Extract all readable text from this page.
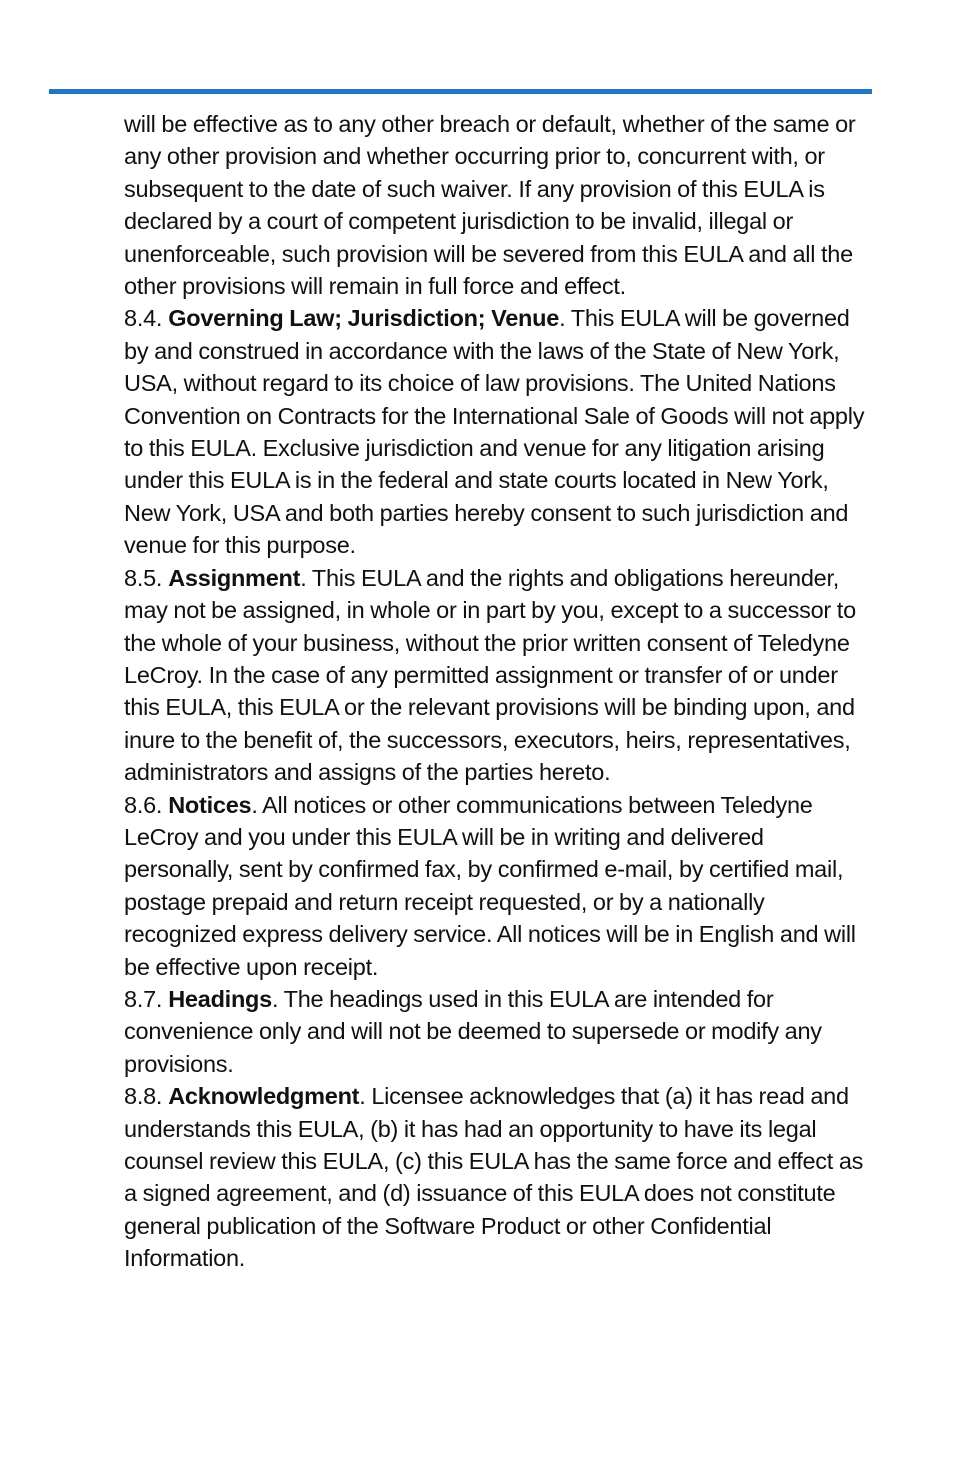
will be effective as to any other breach or default, whether of the same or any other provision and whether occurring prior to, concurrent with, or subsequent to the date of such waiver. If any provision of this EULA is declared by a court of competent jurisdiction to be invalid, illegal or unenforceable, such provision will be severed from this EULA and all the other provisions will remain in full force and effect.

8.4. Governing Law; Jurisdiction; Venue. This EULA will be governed by and construed in accordance with the laws of the State of New York, USA, without regard to its choice of law provisions. The United Nations Convention on Contracts for the International Sale of Goods will not apply to this EULA. Exclusive jurisdiction and venue for any litigation arising under this EULA is in the federal and state courts located in New York, New York, USA and both parties hereby consent to such jurisdiction and venue for this purpose.

8.5. Assignment. This EULA and the rights and obligations hereunder, may not be assigned, in whole or in part by you, except to a successor to the whole of your business, without the prior written consent of Teledyne LeCroy. In the case of any permitted assignment or transfer of or under this EULA, this EULA or the relevant provisions will be binding upon, and inure to the benefit of, the successors, executors, heirs, representatives, administrators and assigns of the parties hereto.

8.6. Notices. All notices or other communications between Teledyne LeCroy and you under this EULA will be in writing and delivered personally, sent by confirmed fax, by confirmed e-mail, by certified mail, postage prepaid and return receipt requested, or by a nationally recognized express delivery service. All notices will be in English and will be effective upon receipt.

8.7. Headings. The headings used in this EULA are intended for convenience only and will not be deemed to supersede or modify any provisions.

8.8. Acknowledgment. Licensee acknowledges that (a) it has read and understands this EULA, (b) it has had an opportunity to have its legal counsel review this EULA, (c) this EULA has the same force and effect as a signed agreement, and (d) issuance of this EULA does not constitute general publication of the Software Product or other Confidential Information.
